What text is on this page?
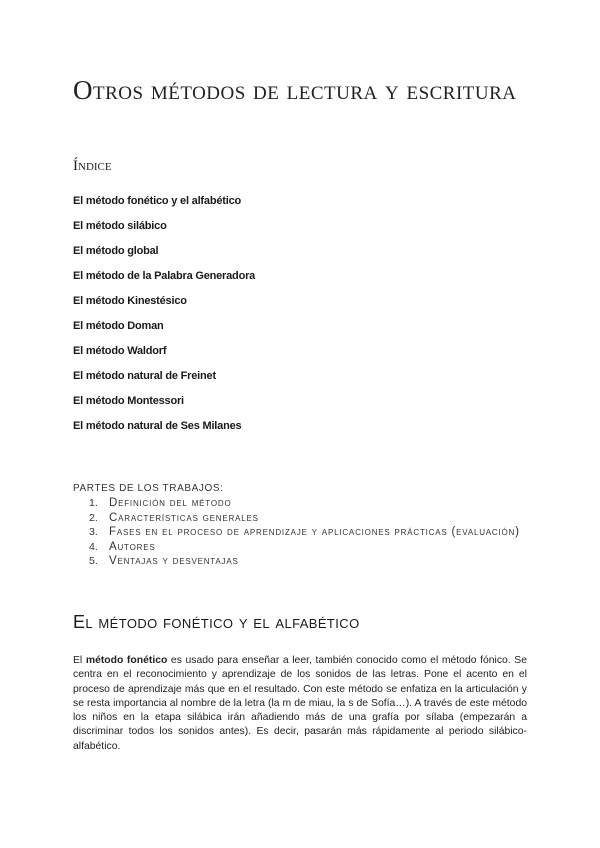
Otros métodos de lectura y escritura
Índice
El método fonético y el alfabético
El método silábico
El método global
El método de la Palabra Generadora
El método Kinestésico
El método Doman
El método Waldorf
El método natural de Freinet
El método Montessori
El método natural de Ses Milanes

PARTES DE LOS TRABAJOS:

1. Definición del método
2. Características generales
3. Fases en el proceso de aprendizaje y aplicaciones prácticas (evaluación)
4. Autores
5. Ventajas y desventajas
El método fonético y el alfabético

El método fonético es usado para enseñar a leer, también conocido como el método fónico. Se centra en el reconocimiento y aprendizaje de los sonidos de las letras. Pone el acento en el proceso de aprendizaje más que en el resultado. Con este método se enfatiza en la articulación y se resta importancia al nombre de la letra (la m de miau, la s de Sofía…). A través de este método los niños en la etapa silábica irán añadiendo más de una grafía por sílaba (empezarán a discriminar todos los sonidos antes). Es decir, pasarán más rápidamente al periodo silábico-alfabético.
